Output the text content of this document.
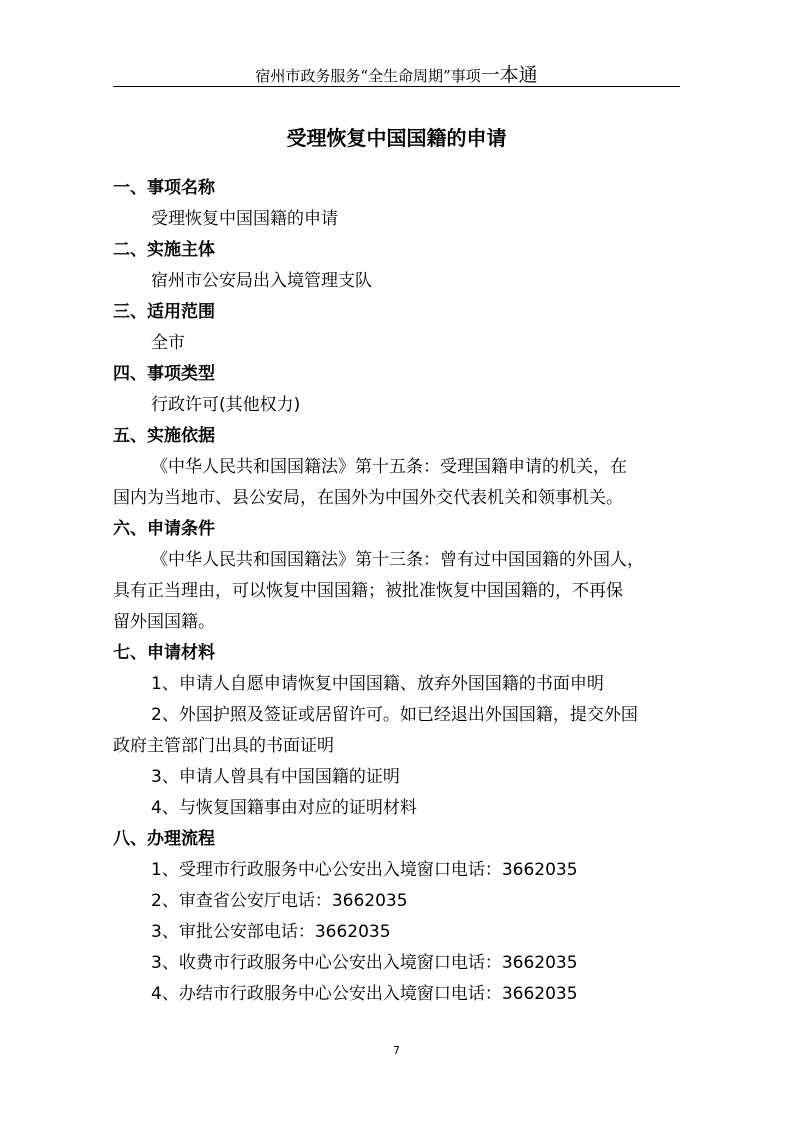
宿州市政务服务“全生命周期”事项一本通
受理恢复中国国籍的申请
一、事项名称
受理恢复中国国籍的申请
二、实施主体
宿州市公安局出入境管理支队
三、适用范围
全市
四、事项类型
行政许可(其他权力)
五、实施依据
《中华人民共和国国籍法》第十五条：受理国籍申请的机关，在
国内为当地市、县公安局，在国外为中国外交代表机关和领事机关。
六、申请条件
《中华人民共和国国籍法》第十三条：曾有过中国国籍的外国人，
具有正当理由，可以恢复中国国籍；被批准恢复中国国籍的，不再保
留外国国籍。
七、申请材料
1、申请人自愿申请恢复中国国籍、放弃外国国籍的书面申明
2、外国护照及签证或居留许可。如已经退出外国国籍，提交外国
政府主管部门出具的书面证明
3、申请人曾具有中国国籍的证明
4、与恢复国籍事由对应的证明材料
八、办理流程
1、受理市行政服务中心公安出入境窗口电话：3662035
2、审查省公安厅电话：3662035
3、审批公安部电话：3662035
3、收费市行政服务中心公安出入境窗口电话：3662035
4、办结市行政服务中心公安出入境窗口电话：3662035
7
